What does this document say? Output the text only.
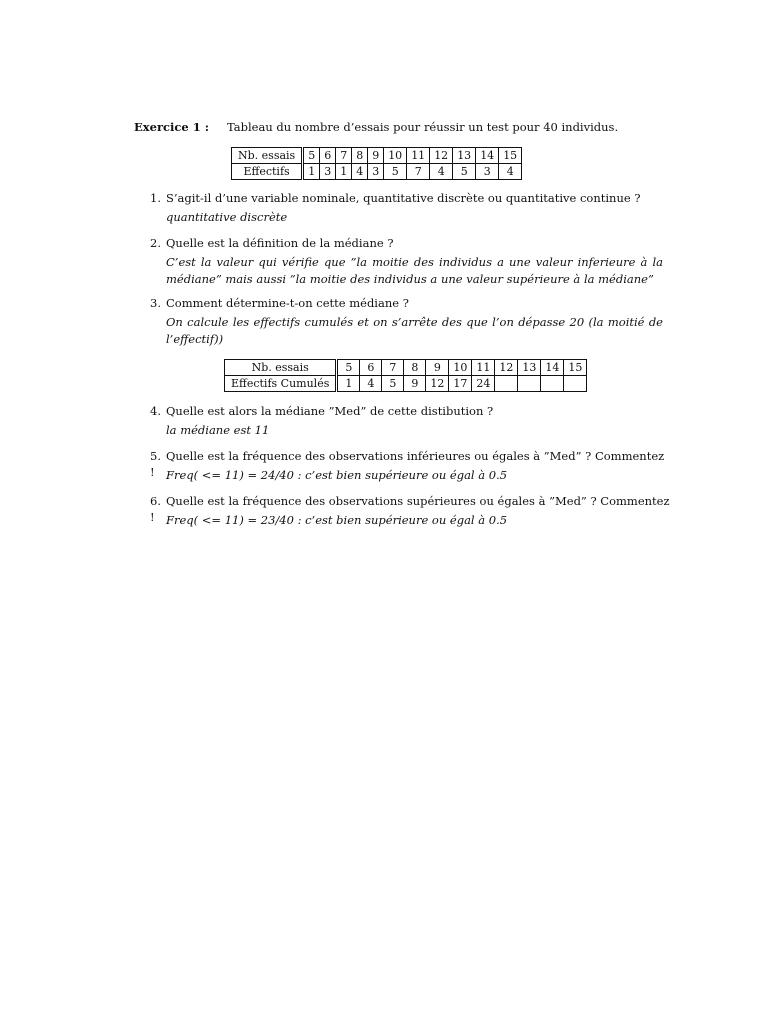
Exercice 1 : Tableau du nombre d’essais pour réussir un test pour 40 individus.
Nb. essais	5	6	7	8	9	10	11	12	13	14	15
Effectifs	1	3	1	4	3	5	7	4	5	3	4
1. S’agit-il d’une variable nominale, quantitative discrète ou quantitative continue ?
quantitative discrète
2. Quelle est la définition de la médiane ?
C’est la valeur qui vérifie que ”la moitie des individus a une valeur inferieure à la médiane” mais aussi ”la moitie des individus a une valeur supérieure à la médiane”
3. Comment détermine-t-on cette médiane ?
On calcule les effectifs cumulés et on s’arrête des que l’on dépasse 20 (la moitié de l’effectif))
Nb. essais	5	6	7	8	9	10	11	12	13	14	15
Effectifs Cumulés	1	4	5	9	12	17	24				
4. Quelle est alors la médiane ”Med” de cette distibution ?
la médiane est 11
5. Quelle est la fréquence des observations inférieures ou égales à ”Med” ? Commentez ! Freq( <= 11) = 24/40 : c’est bien supérieure ou égal à 0.5
6. Quelle est la fréquence des observations supérieures ou égales à ”Med” ? Commentez ! Freq( <= 11) = 23/40 : c’est bien supérieure ou égal à 0.5
